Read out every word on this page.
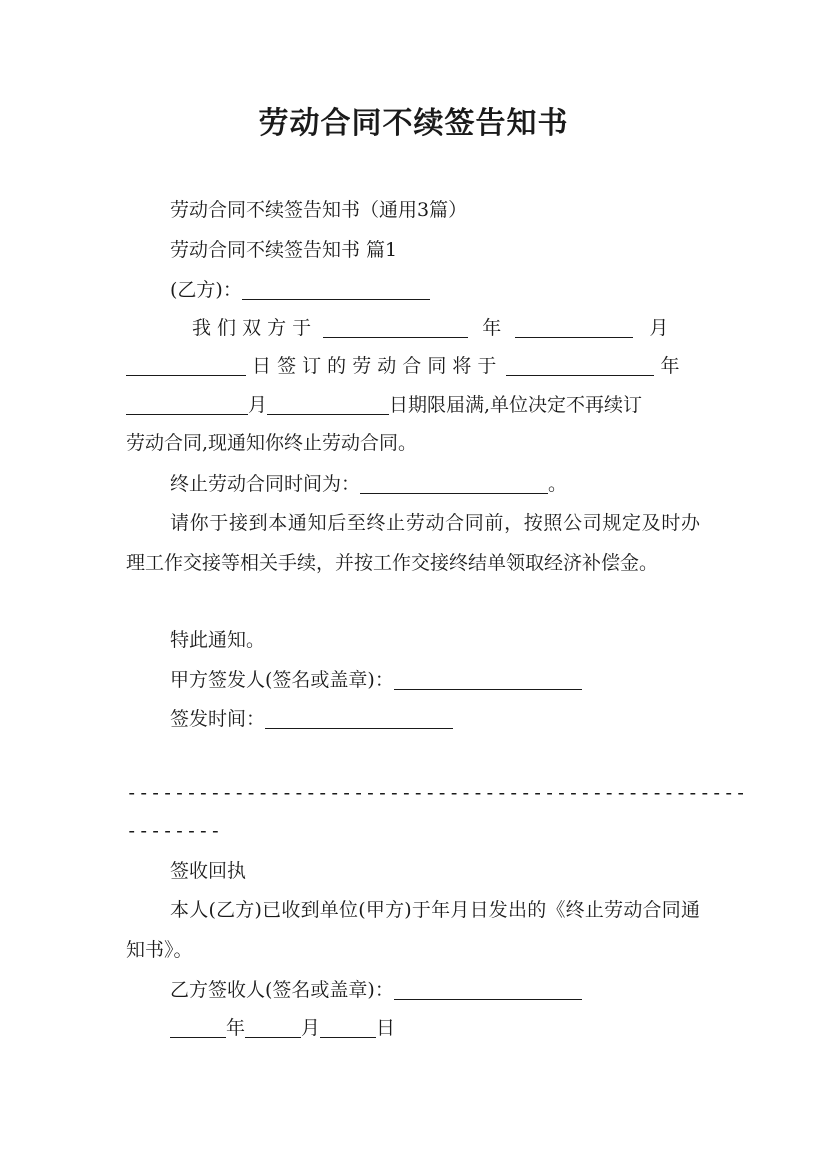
劳动合同不续签告知书
劳动合同不续签告知书（通用3篇）
劳动合同不续签告知书 篇1
(乙方)：
我 们 双 方 于	年	月
日 签 订 的 劳 动 合 同 将 于	年
月	日期限届满,单位决定不再续订
劳动合同,现通知你终止劳动合同。
终止劳动合同时间为：	。
请你于接到本通知后至终止劳动合同前，按照公司规定及时办理工作交接等相关手续，并按工作交接终结单领取经济补偿金。
特此通知。
甲方签发人(签名或盖章)：
签发时间：
----------------------------------------------------
--------
签收回执
本人(乙方)已收到单位(甲方)于年月日发出的《终止劳动合同通知书》。
乙方签收人(签名或盖章)：
年	月	日
